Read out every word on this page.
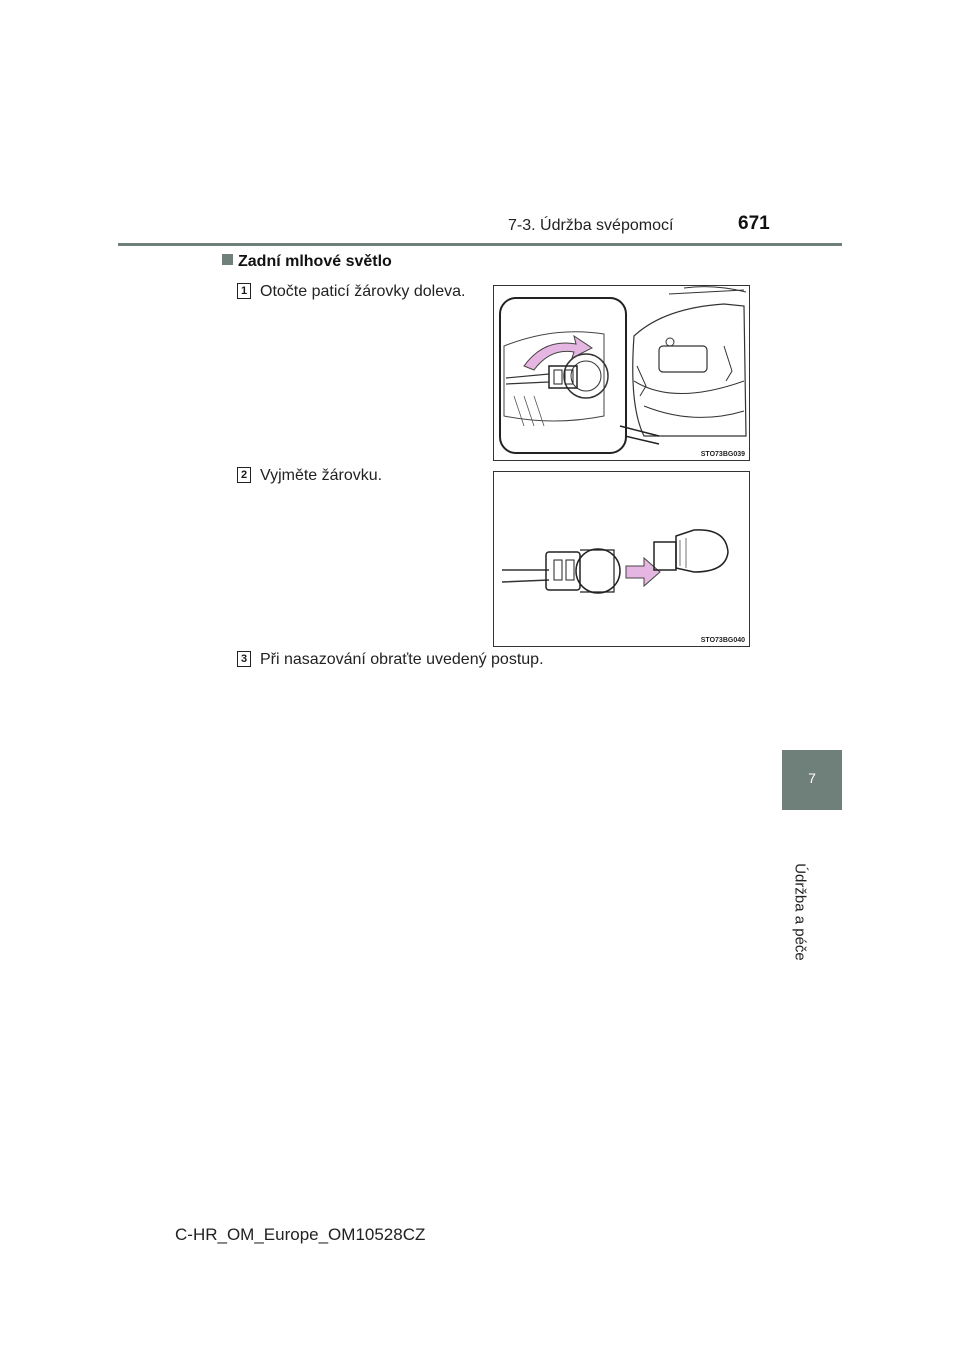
7-3. Údržba svépomocí	671
7
Údržba a péče
Zadní mlhové světlo
1 Otočte paticí žárovky doleva.
STO73BG039
2 Vyjměte žárovku.
STO73BG040
3 Při nasazování obraťte uvedený postup.
C-HR_OM_Europe_OM10528CZ
